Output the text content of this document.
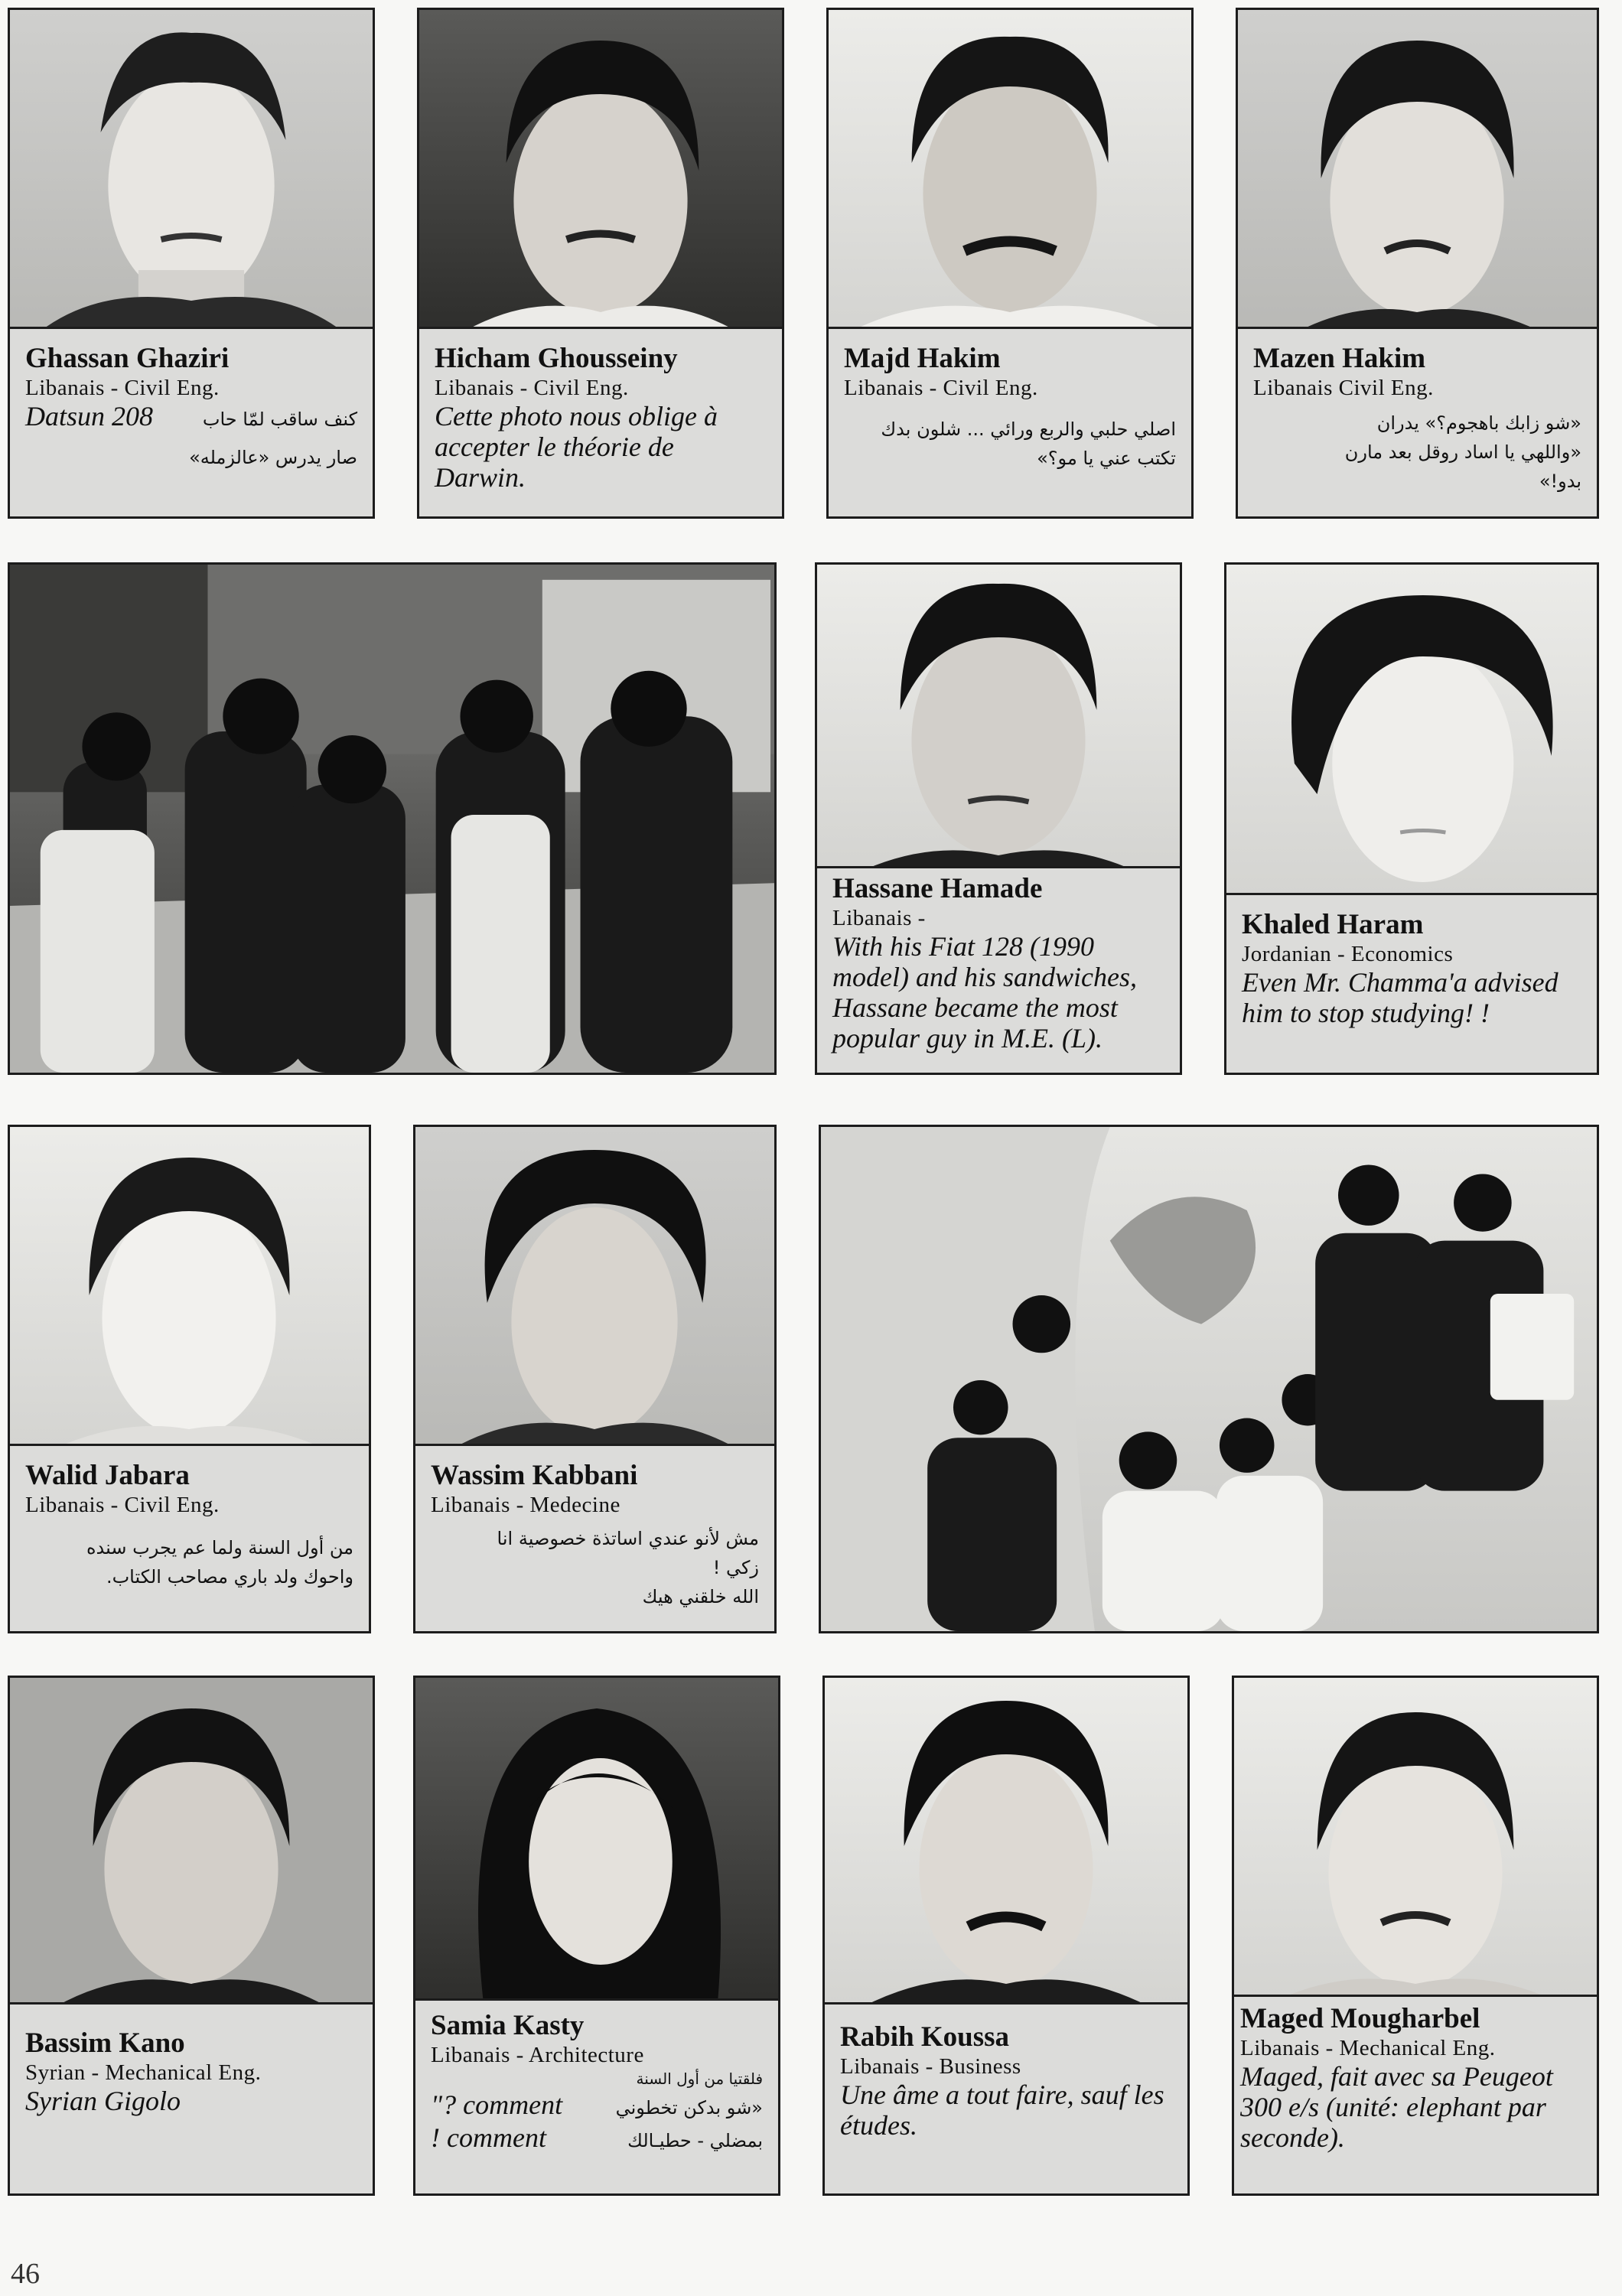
Ghassan Ghaziri
Libanais - Civil Eng.
Datsun 208	كنف ساقب لمّا حاب
صار يدرس «عالزمله»
Hicham Ghousseiny
Libanais - Civil Eng.
Cette photo nous oblige à accepter le théorie de Darwin.
Majd Hakim
Libanais - Civil Eng.
اصلي حلبي والربع ورائي ... شلون بدك
تكتب عني يا مو؟»
Mazen Hakim
Libanais Civil Eng.
«شو زابك باهجوم؟» يدران
«واللهي يا اساد روقل بعد مارن
بدو!»
Hassane Hamade
Libanais -
With his Fiat 128 (1990 model) and his sandwiches, Hassane became the most popular guy in M.E. (L).
Khaled Haram
Jordanian - Economics
Even Mr. Chamma'a advised him to stop studying! !
Walid Jabara
Libanais - Civil Eng.
من أول السنة ولما عم يجرب سنده
واحوك ولد باري مصاحب الكتاب.
Wassim Kabbani
Libanais - Medecine
مش لأنو عندي اساتذة خصوصية انا
زكي !
الله خلقني هيك
Bassim Kano
Syrian - Mechanical Eng.
Syrian Gigolo
Samia Kasty
Libanais - Architecture
فلقتيا من أول السنة
"? comment	«شو بدكن تخطوني
! comment	بمضلي - حطيـالك
Rabih Koussa
Libanais - Business
Une âme a tout faire, sauf les études.
Maged Mougharbel
Libanais - Mechanical Eng.
Maged, fait avec sa Peugeot 300 e/s (unité: elephant par seconde).
46
